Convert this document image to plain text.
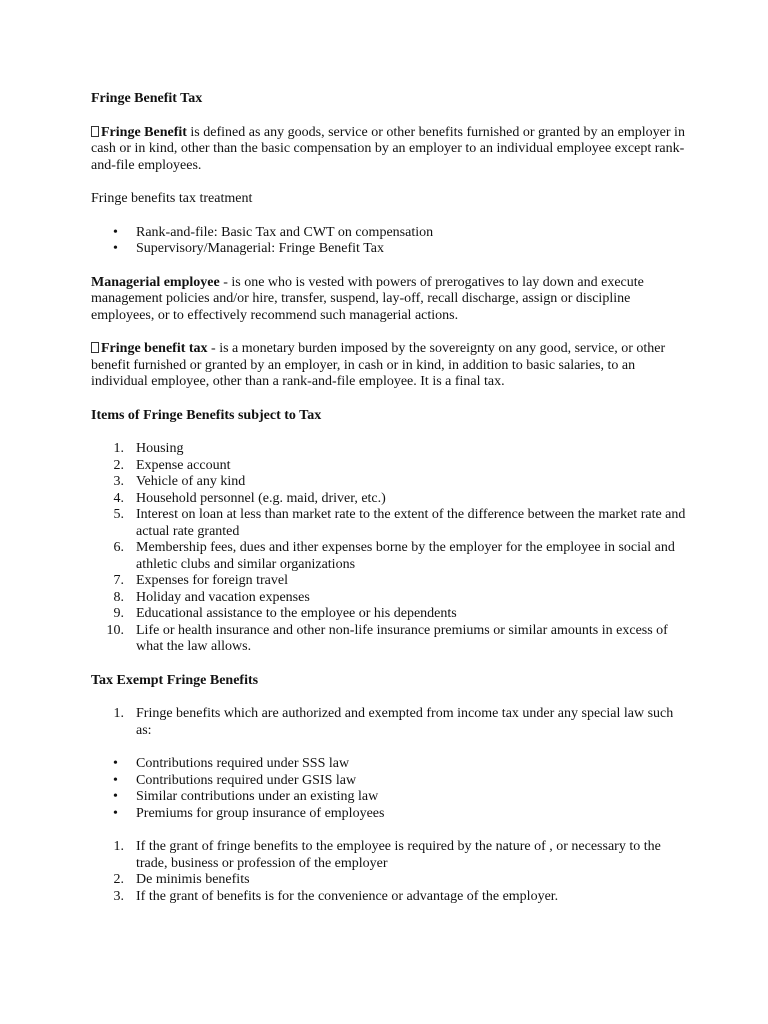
Fringe Benefit Tax

Fringe Benefit is defined as any goods, service or other benefits furnished or granted by an employer in cash or in kind, other than the basic compensation by an employer to an individual employee except rank-and-file employees.

Fringe benefits tax treatment

• Rank-and-file: Basic Tax and CWT on compensation
• Supervisory/Managerial: Fringe Benefit Tax

Managerial employee - is one who is vested with powers of prerogatives to lay down and execute management policies and/or hire, transfer, suspend, lay-off, recall discharge, assign or discipline employees, or to effectively recommend such managerial actions.

Fringe benefit tax - is a monetary burden imposed by the sovereignty on any good, service, or other benefit furnished or granted by an employer, in cash or in kind, in addition to basic salaries, to an individual employee, other than a rank-and-file employee. It is a final tax.

Items of Fringe Benefits subject to Tax

1. Housing
2. Expense account
3. Vehicle of any kind
4. Household personnel (e.g. maid, driver, etc.)
5. Interest on loan at less than market rate to the extent of the difference between the market rate and actual rate granted
6. Membership fees, dues and ither expenses borne by the employer for the employee in social and athletic clubs and similar organizations
7. Expenses for foreign travel
8. Holiday and vacation expenses
9. Educational assistance to the employee or his dependents
10. Life or health insurance and other non-life insurance premiums or similar amounts in excess of what the law allows.

Tax Exempt Fringe Benefits

1. Fringe benefits which are authorized and exempted from income tax under any special law such as:
• Contributions required under SSS law
• Contributions required under GSIS law
• Similar contributions under an existing law
• Premiums for group insurance of employees
1. If the grant of fringe benefits to the employee is required by the nature of , or necessary to the trade, business or profession of the employer
2. De minimis benefits
3. If the grant of benefits is for the convenience or advantage of the employer.
